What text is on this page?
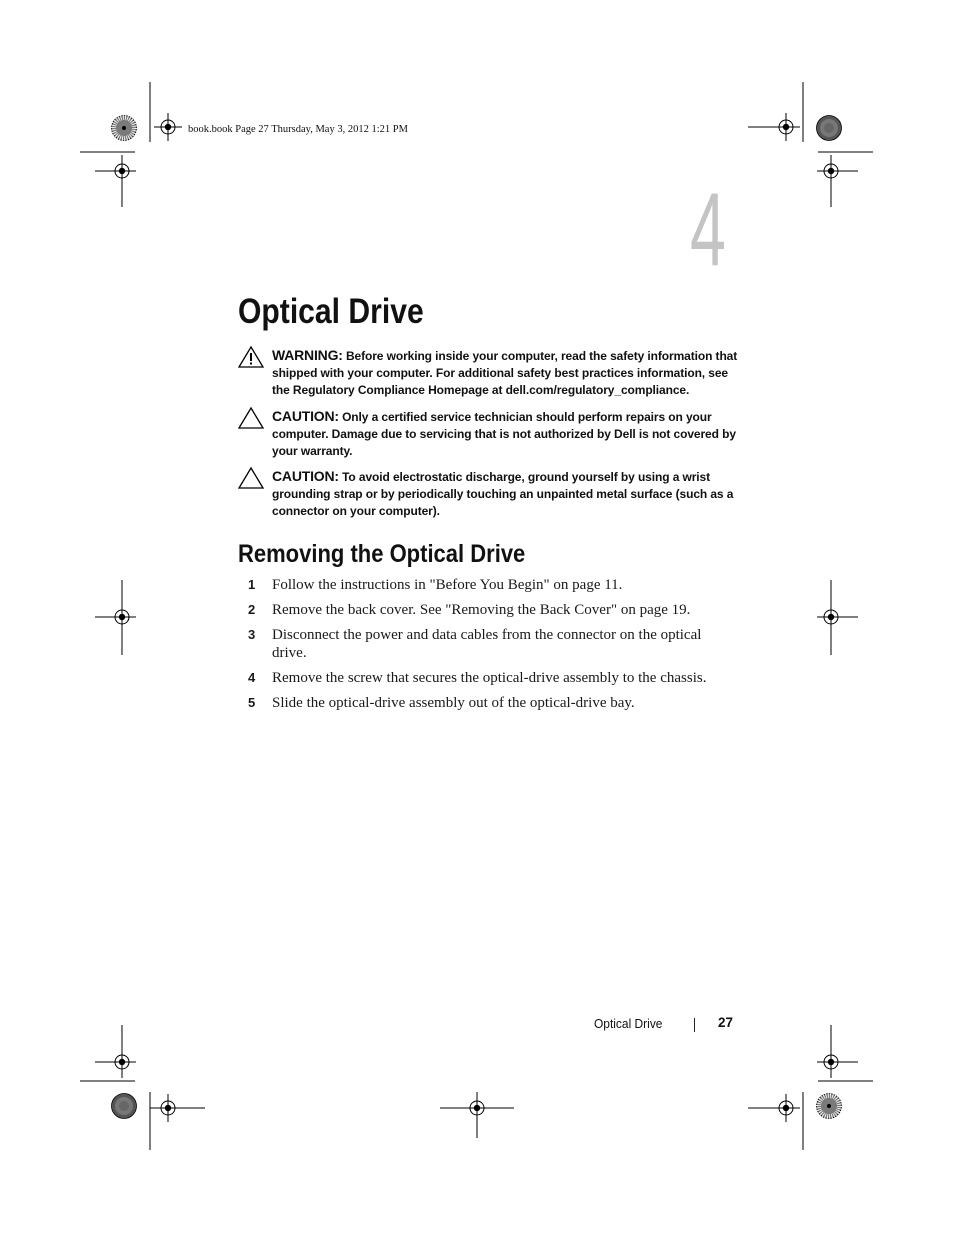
book.book Page 27 Thursday, May 3, 2012 1:21 PM
4
Optical Drive
WARNING: Before working inside your computer, read the safety information that shipped with your computer. For additional safety best practices information, see the Regulatory Compliance Homepage at dell.com/regulatory_compliance.
CAUTION: Only a certified service technician should perform repairs on your computer. Damage due to servicing that is not authorized by Dell is not covered by your warranty.
CAUTION: To avoid electrostatic discharge, ground yourself by using a wrist grounding strap or by periodically touching an unpainted metal surface (such as a connector on your computer).
Removing the Optical Drive
1 Follow the instructions in "Before You Begin" on page 11.
2 Remove the back cover. See "Removing the Back Cover" on page 19.
3 Disconnect the power and data cables from the connector on the optical drive.
4 Remove the screw that secures the optical-drive assembly to the chassis.
5 Slide the optical-drive assembly out of the optical-drive bay.
Optical Drive	27
